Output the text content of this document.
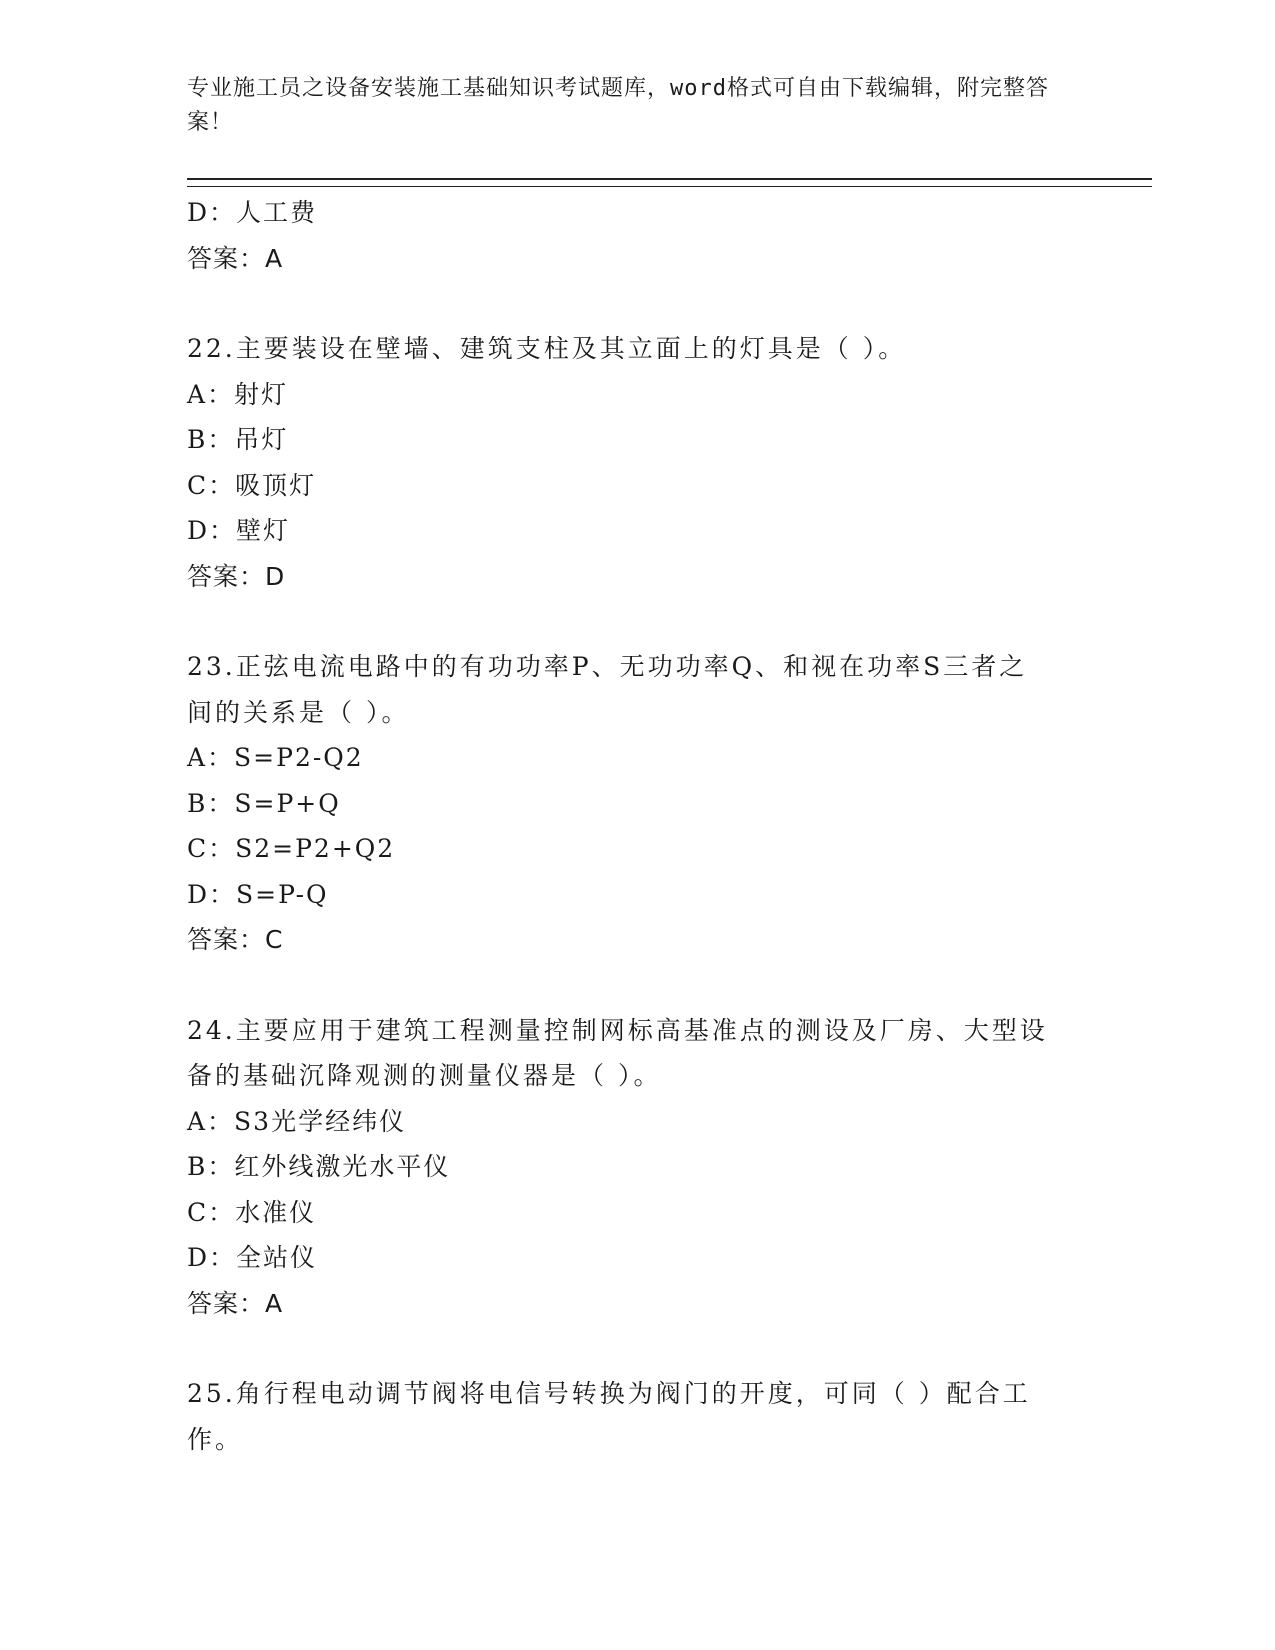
专业施工员之设备安装施工基础知识考试题库，word格式可自由下载编辑，附完整答案！
D：人工费
答案：A
22.主要装设在壁墙、建筑支柱及其立面上的灯具是（ ）。
A：射灯
B：吊灯
C：吸顶灯
D：壁灯
答案：D
23.正弦电流电路中的有功功率P、无功功率Q、和视在功率S三者之
间的关系是（ ）。
A：S=P2-Q2
B：S=P+Q
C：S2=P2+Q2
D：S=P-Q
答案：C
24.主要应用于建筑工程测量控制网标高基准点的测设及厂房、大型设
备的基础沉降观测的测量仪器是（ ）。
A：S3光学经纬仪
B：红外线激光水平仪
C：水准仪
D：全站仪
答案：A
25.角行程电动调节阀将电信号转换为阀门的开度，可同（ ）配合工
作。
